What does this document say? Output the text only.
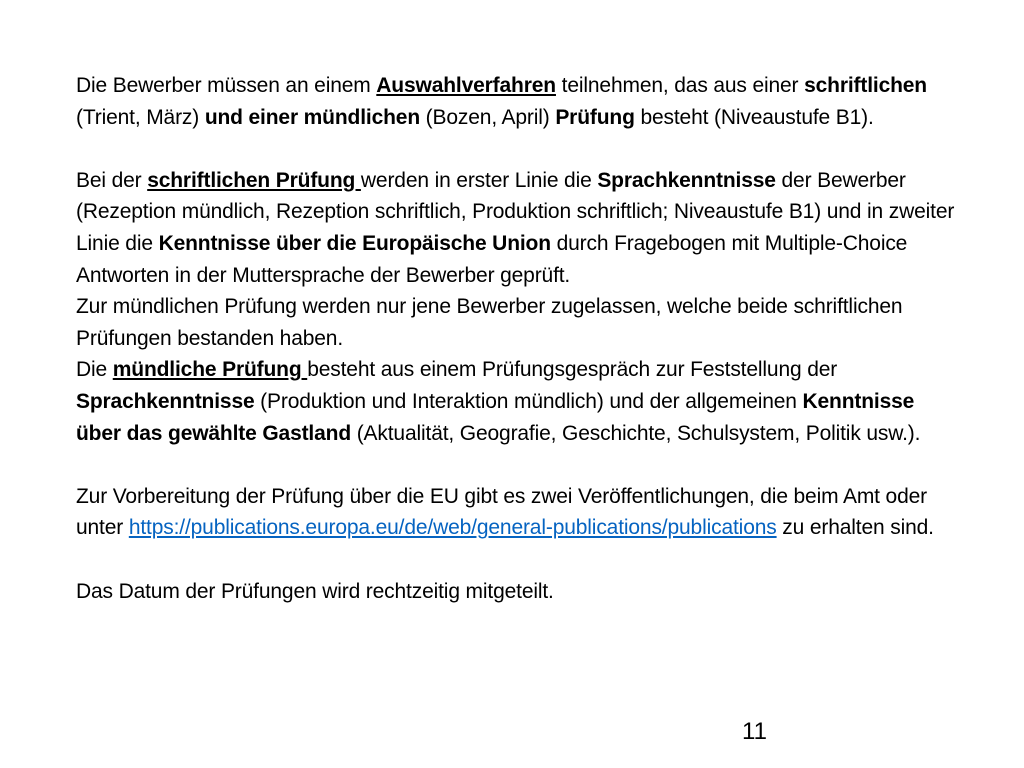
Die Bewerber müssen an einem Auswahlverfahren teilnehmen, das aus einer schriftlichen (Trient, März) und einer mündlichen (Bozen, April) Prüfung besteht (Niveaustufe B1).

Bei der schriftlichen Prüfung werden in erster Linie die Sprachkenntnisse der Bewerber (Rezeption mündlich, Rezeption schriftlich, Produktion schriftlich; Niveaustufe B1) und in zweiter Linie die Kenntnisse über die Europäische Union durch Fragebogen mit Multiple-Choice Antworten in der Muttersprache der Bewerber geprüft.

Zur mündlichen Prüfung werden nur jene Bewerber zugelassen, welche beide schriftlichen Prüfungen bestanden haben.

Die mündliche Prüfung besteht aus einem Prüfungsgespräch zur Feststellung der Sprachkenntnisse (Produktion und Interaktion mündlich) und der allgemeinen Kenntnisse über das gewählte Gastland (Aktualität, Geografie, Geschichte, Schulsystem, Politik usw.).

Zur Vorbereitung der Prüfung über die EU gibt es zwei Veröffentlichungen, die beim Amt oder unter https://publications.europa.eu/de/web/general-publications/publications zu erhalten sind.

Das Datum der Prüfungen wird rechtzeitig mitgeteilt.

11
